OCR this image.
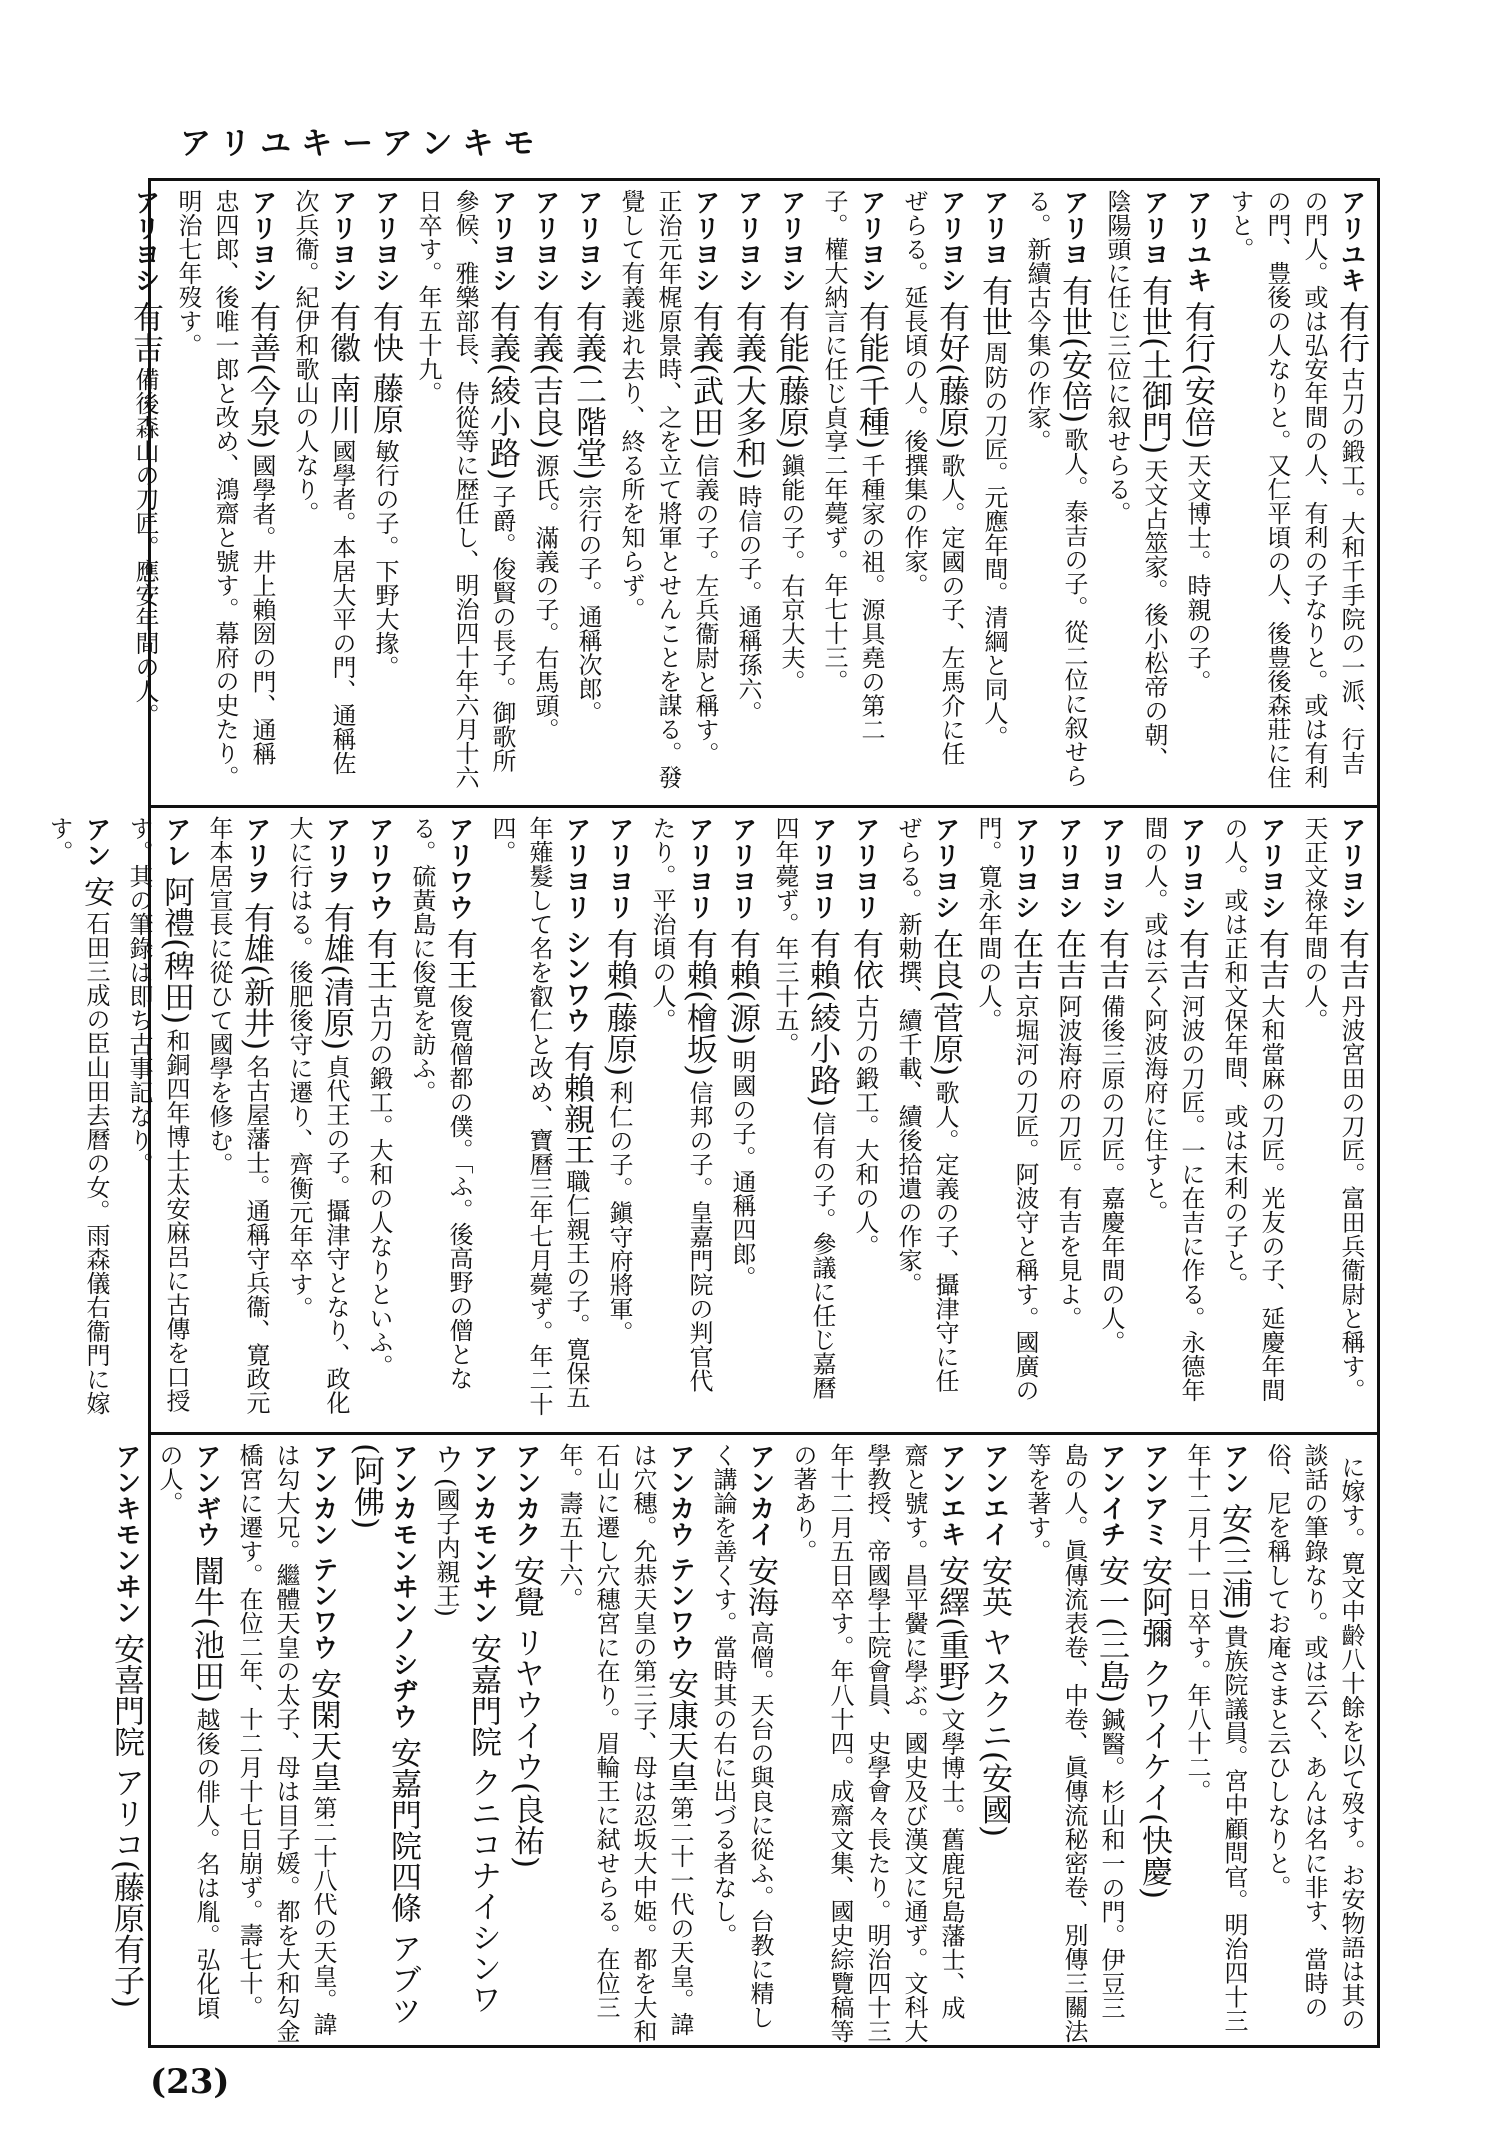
アリユキーアンキモ
アリユキ有行古刀の鍛工。大和千手院の一派、行吉の門人。或は弘安年間の人、有利の子なりと。或は有利の門、豊後の人なりと。又仁平頃の人、後豊後森莊に住すと。
アリユキ有行(安倍)天文博士。時親の子。
アリヨ有世(土御門)天文占筮家。後小松帝の朝、陰陽頭に任じ三位に叙せらる。
アリヨ有世(安倍)歌人。泰吉の子。從二位に叙せらる。新續古今集の作家。
アリヨ有世周防の刀匠。元應年間。清綱と同人。
アリヨシ有好(藤原)歌人。定國の子、左馬介に任ぜらる。延長頃の人。後撰集の作家。
アリヨシ有能(千種)千種家の祖。源具堯の第二子。權大納言に任じ貞享二年薨ず。年七十三。
アリヨシ有能(藤原)鎭能の子。右京大夫。
アリヨシ有義(大多和)時信の子。通稱孫六。
アリヨシ有義(武田)信義の子。左兵衞尉と稱す。正治元年梶原景時、之を立て將軍とせんことを謀る。發覺して有義逃れ去り、終る所を知らず。
アリヨシ有義(二階堂)宗行の子。通稱次郎。
アリヨシ有義(吉良)源氏。滿義の子。右馬頭。
アリヨシ有義(綾小路)子爵。俊賢の長子。御歌所參候、雅樂部長、侍從等に歴任し、明治四十年六月十六日卒す。年五十九。
アリヨシ有快 藤原敏行の子。下野大掾。
アリヨシ有徽 南川國學者。本居大平の門、通稱佐次兵衞。紀伊和歌山の人なり。
アリヨシ有善(今泉)國學者。井上賴圀の門、通稱忠四郎、後唯一郎と改め、鴻齋と號す。幕府の史たり。明治七年歿す。
アリヨシ有吉備後森山の刀匠。應安年間の人。
アリヨシ有吉丹波宮田の刀匠。富田兵衞尉と稱す。天正文祿年間の人。
アリヨシ有吉大和當麻の刀匠。光友の子、延慶年間の人。或は正和文保年間、或は末利の子と。
アリヨシ有吉河波の刀匠。一に在吉に作る。永德年間の人。或は云く阿波海府に住すと。
アリヨシ有吉備後三原の刀匠。嘉慶年間の人。
アリヨシ在吉阿波海府の刀匠。有吉を見よ。
アリヨシ在吉京堀河の刀匠。阿波守と稱す。國廣の門。寛永年間の人。
アリヨシ在良(菅原)歌人。定義の子、攝津守に任ぜらる。新勅撰、續千載、續後拾遺の作家。
アリヨリ有依古刀の鍛工。大和の人。
アリヨリ有賴(綾小路)信有の子。參議に任じ嘉曆四年薨ず。年三十五。
アリヨリ有賴(源)明國の子。通稱四郎。
アリヨリ有賴(檜坂)信邦の子。皇嘉門院の判官代たり。平治頃の人。
アリヨリ有賴(藤原)利仁の子。鎭守府將軍。
アリヨリ シンワウ有賴親王職仁親王の子。寛保五年薙髮して名を叡仁と改め、寶曆三年七月薨ず。年二十四。
アリワウ有王俊寛僧都の僕。「ふ。後高野の僧となる。硫黃島に俊寛を訪ふ。
アリワウ有王古刀の鍛工。大和の人なりといふ。
アリヲ有雄(清原)貞代王の子。攝津守となり、政化大に行はる。後肥後守に遷り、齊衡元年卒す。
アリヲ有雄(新井)名古屋藩士。通稱守兵衞、寛政元年本居宣長に從ひて國學を修む。
アレ阿禮(稗田)和銅四年博士太安麻呂に古傳を口授す。其の筆錄は即ち古事記なり。
アン安石田三成の臣山田去曆の女。雨森儀右衞門に嫁す。
に嫁す。寛文中齡八十餘を以て歿す。お安物語は其の談話の筆錄なり。或は云く、あんは名に非す、當時の俗、尼を稱してお庵さまと云ひしなりと。
アン安(三浦)貴族院議員。宮中顧問官。明治四十三年十二月十一日卒す。年八十二。
アンアミ安阿彌 クワイケイ(快慶)
アンイチ安一(三島)鍼醫。杉山和一の門。伊豆三島の人。眞傳流表卷、中卷、眞傳流秘密卷、別傳三關法等を著す。
アンエイ安英 ヤスクニ(安國)
アンエキ安繹(重野)文學博士。舊鹿兒島藩士、成齋と號す。昌平黌に學ぶ。國史及び漢文に通ず。文科大學教授、帝國學士院會員、史學會々長たり。明治四十三年十二月五日卒す。年八十四。成齋文集、國史綜覽稿等の著あり。
アンカイ安海高僧。天台の與良に從ふ。台教に精しく講論を善くす。當時其の右に出づる者なし。
アンカウ テンワウ安康天皇第二十一代の天皇。諱は穴穗。允恭天皇の第三子、母は忍坂大中姫。都を大和石山に遷し穴穗宮に在り。眉輪王に弑せらる。在位三年。壽五十六。
アンカク安覺 リヤウイウ(良祐)
アンカモンヰン安嘉門院 クニコナイシンワウ(國子内親王)
アンカモンヰンノシヂウ安嘉門院四條 アブツ(阿佛)
アンカン テンワウ安閑天皇第二十八代の天皇。諱は勾大兄。繼體天皇の太子、母は目子媛。都を大和勾金橋宮に遷す。在位二年、十二月十七日崩ず。壽七十。
アンギウ闇牛(池田)越後の俳人。名は胤。弘化頃の人。
アンキモンヰン安喜門院 アリコ(藤原有子)
(23)
